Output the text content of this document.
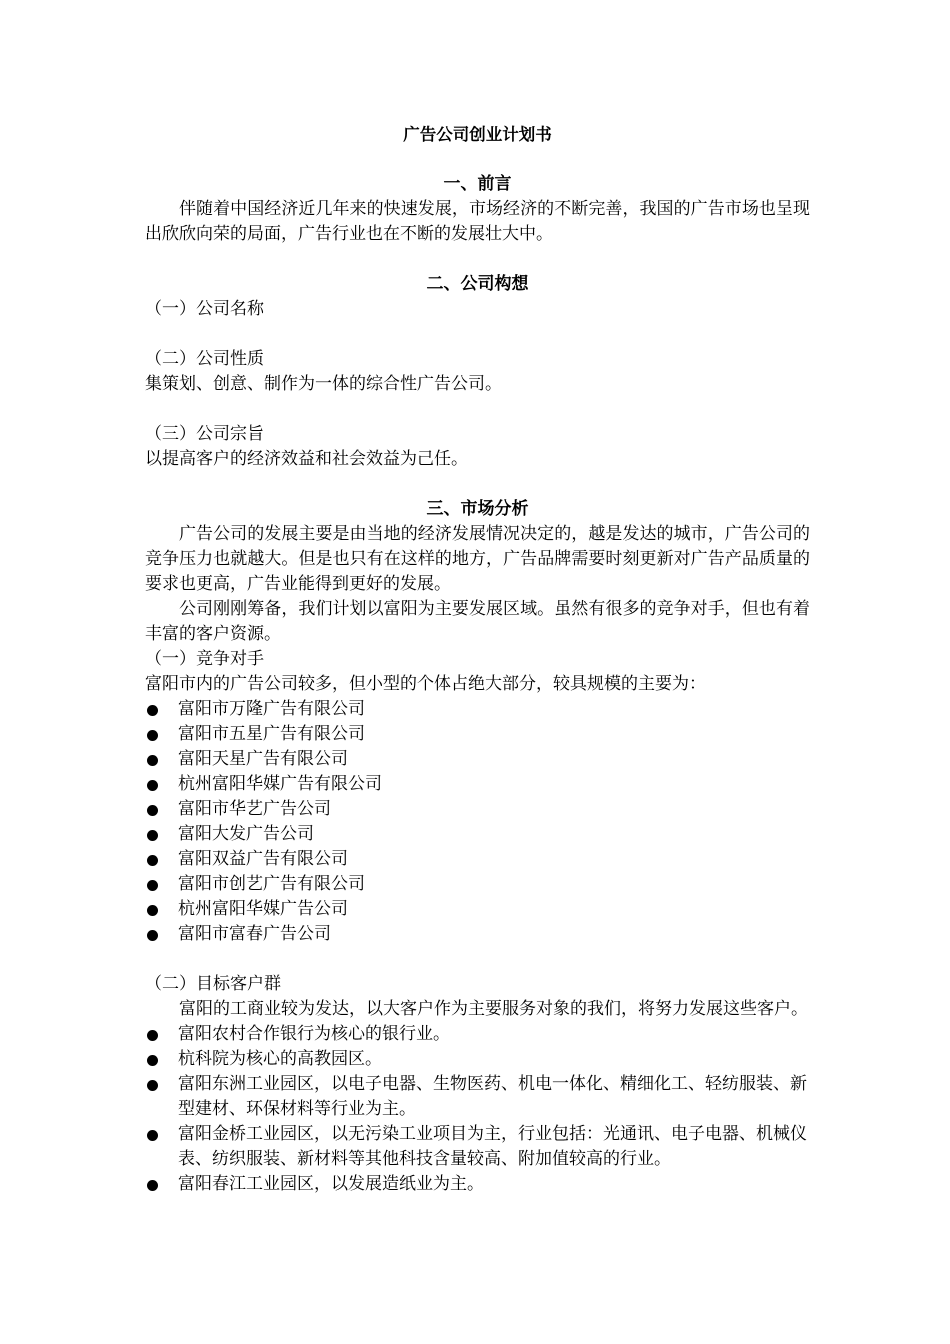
广告公司创业计划书
一、前言

伴随着中国经济近几年来的快速发展，市场经济的不断完善，我国的广告市场也呈现出欣欣向荣的局面，广告行业也在不断的发展壮大中。

二、公司构想

（一）公司名称

（二）公司性质

集策划、创意、制作为一体的综合性广告公司。

（三）公司宗旨

以提高客户的经济效益和社会效益为己任。

三、市场分析

广告公司的发展主要是由当地的经济发展情况决定的，越是发达的城市，广告公司的竞争压力也就越大。但是也只有在这样的地方，广告品牌需要时刻更新对广告产品质量的要求也更高，广告业能得到更好的发展。

公司刚刚筹备，我们计划以富阳为主要发展区域。虽然有很多的竞争对手，但也有着丰富的客户资源。

（一）竞争对手

富阳市内的广告公司较多，但小型的个体占绝大部分，较具规模的主要为：

富阳市万隆广告有限公司
富阳市五星广告有限公司
富阳天星广告有限公司
杭州富阳华媒广告有限公司
富阳市华艺广告公司
富阳大发广告公司
富阳双益广告有限公司
富阳市创艺广告有限公司
杭州富阳华媒广告公司
富阳市富春广告公司

（二）目标客户群

富阳的工商业较为发达，以大客户作为主要服务对象的我们，将努力发展这些客户。

富阳农村合作银行为核心的银行业。
杭科院为核心的高教园区。
富阳东洲工业园区，以电子电器、生物医药、机电一体化、精细化工、轻纺服装、新型建材、环保材料等行业为主。
富阳金桥工业园区，以无污染工业项目为主，行业包括：光通讯、电子电器、机械仪表、纺织服装、新材料等其他科技含量较高、附加值较高的行业。
富阳春江工业园区，以发展造纸业为主。
